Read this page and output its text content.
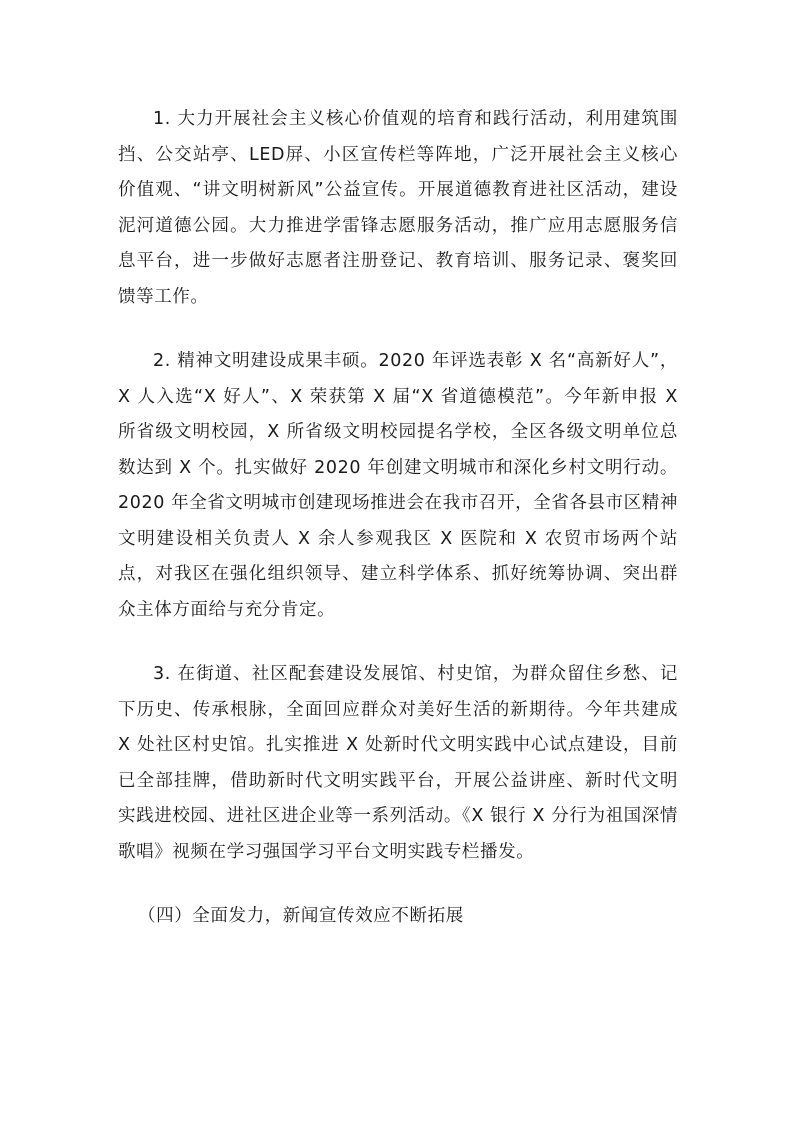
1. 大力开展社会主义核心价值观的培育和践行活动，利用建筑围挡、公交站亭、LED屏、小区宣传栏等阵地，广泛开展社会主义核心价值观、“讲文明树新风”公益宣传。开展道德教育进社区活动，建设泥河道德公园。大力推进学雷锋志愿服务活动，推广应用志愿服务信息平台，进一步做好志愿者注册登记、教育培训、服务记录、褒奖回馈等工作。

2. 精神文明建设成果丰硕。2020 年评选表彰 X 名“高新好人”，X 人入选“X 好人”、X 荣获第 X 届“X 省道德模范”。今年新申报 X 所省级文明校园，X 所省级文明校园提名学校，全区各级文明单位总数达到 X 个。扎实做好 2020 年创建文明城市和深化乡村文明行动。2020 年全省文明城市创建现场推进会在我市召开，全省各县市区精神文明建设相关负责人 X 余人参观我区 X 医院和 X 农贸市场两个站点，对我区在强化组织领导、建立科学体系、抓好统筹协调、突出群众主体方面给与充分肯定。

3. 在街道、社区配套建设发展馆、村史馆，为群众留住乡愁、记下历史、传承根脉，全面回应群众对美好生活的新期待。今年共建成 X 处社区村史馆。扎实推进 X 处新时代文明实践中心试点建设，目前已全部挂牌，借助新时代文明实践平台，开展公益讲座、新时代文明实践进校园、进社区进企业等一系列活动。《X 银行 X 分行为祖国深情歌唱》视频在学习强国学习平台文明实践专栏播发。

（四）全面发力，新闻宣传效应不断拓展
